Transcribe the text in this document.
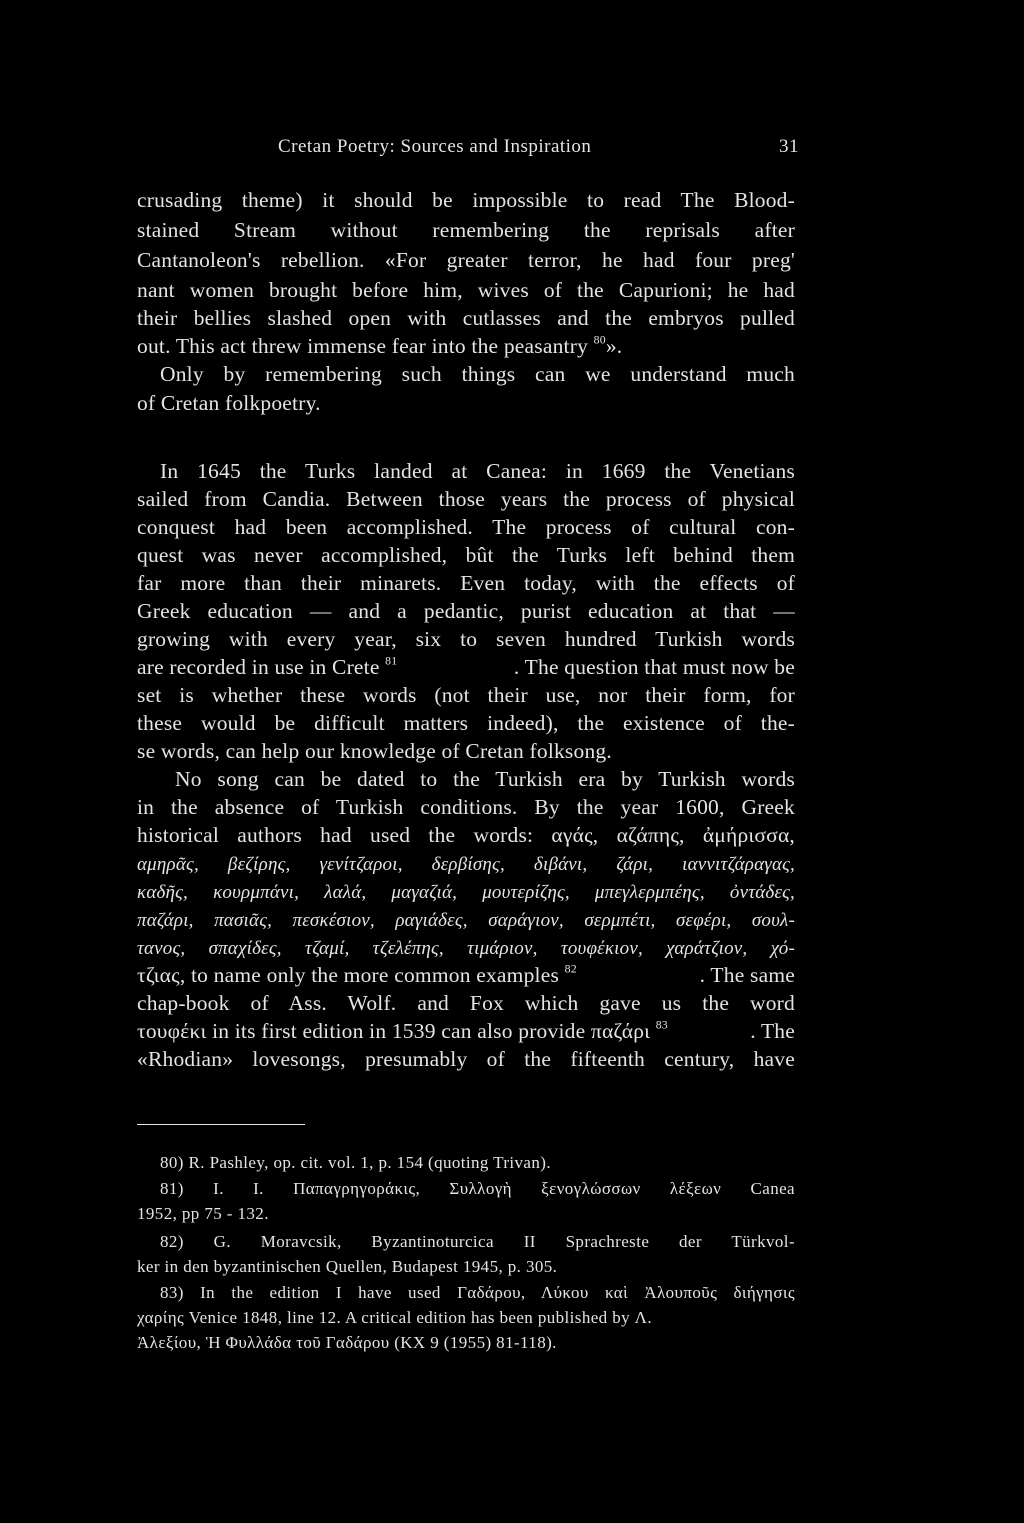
Cretan Poetry: Sources and Inspiration	31
crusading theme) it should be impossible to read The Blood-
stained Stream without remembering the reprisals after
Cantanoleon's rebellion. «For greater terror, he had four preg'
nant women brought before him, wives of the Capurioni; he had
their bellies slashed open with cutlasses and the embryos pulled
out. This act threw immense fear into the peasantry $^{80}$».
Only by remembering such things can we understand much
of Cretan folkpoetry.
In 1645 the Turks landed at Canea: in 1669 the Venetians
sailed from Candia. Between those years the process of physical
conquest had been accomplished. The process of cultural con-
quest was never accomplished, bût the Turks left behind them
far more than their minarets. Even today, with the effects of
Greek education — and a pedantic, purist education at that —
growing with every year, six to seven hundred Turkish words
are recorded in use in Crete $^{81}$	. The question that must now be
set is whether these words (not their use, nor their form, for
these would be difficult matters indeed), the existence of the-
se words, can help our knowledge of Cretan folksong.
No song can be dated to the Turkish era by Turkish words
in the absence of Turkish conditions. By the year 1600, Greek
historical authors had used the words: αγάς, αζάπης, ἀμήρισσα,
αμηρᾶς, βεζίρης, γενίτζαροι, δερβίσης, διβάνι, ζάρι, ιαννιτζάραγας,
καδῆς, κουρμπάνι, λαλά, μαγαζιά, μουτερίζης, μπεγλερμπέης, ὀντάδες,
παζάρι, πασιᾶς, πεσκέσιον, ραγιάδες, σαράγιον, σερμπέτι, σεφέρι, σουλ-
τανος, σπαχίδες, τζαμί, τζελέπης, τιμάριον, τουφέκιον, χαράτζιον, χό-
τζιας, to name only the more common examples $^{82}$	. The same
chap-book of Ass. Wolf. and Fox which gave us the word
τουφέκι in its first edition in 1539 can also provide παζάρι $^{83}$	. The
«Rhodian» lovesongs, presumably of the fifteenth century, have
80) R. Pashley, op. cit. vol. 1, p. 154 (quoting Trivan).
81) I. I. Παπαγρηγοράκις, Συλλογὴ ξενογλώσσων λέξεων Canea
1952, pp 75 - 132.
82) G. Moravcsik, Byzantinoturcica II Sprachreste der Türkvol-
ker in den byzantinischen Quellen, Budapest 1945, p. 305.
83) In the edition I have used Γαδάρου, Λύκου καὶ Ἀλουποῦς διήγησις
χαρίης Venice 1848, line 12. A critical edition has been published by Λ.
Ἀλεξίου, Ἡ Φυλλάδα τοῦ Γαδάρου (ΚΧ 9 (1955) 81-118).
